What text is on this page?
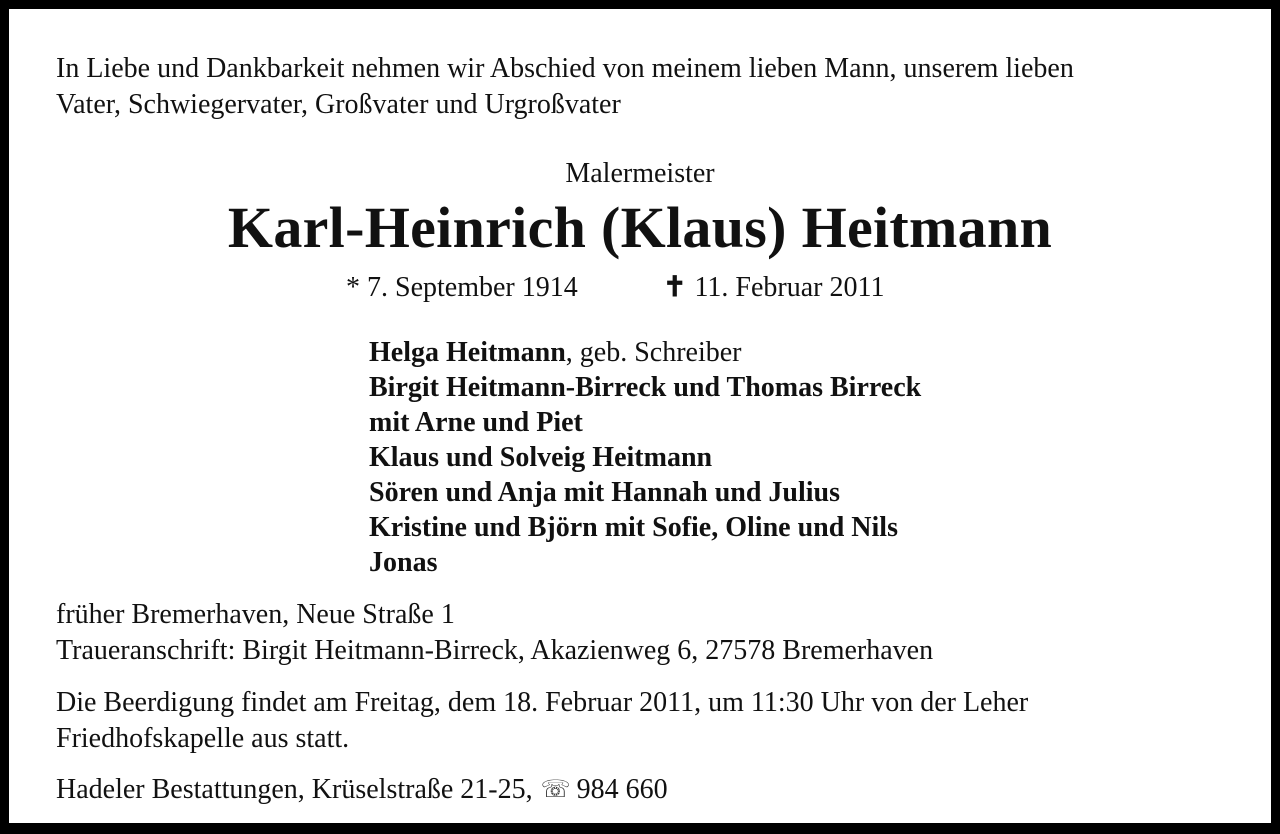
In Liebe und Dankbarkeit nehmen wir Abschied von meinem lieben Mann, unserem lieben
Vater, Schwiegervater, Großvater und Urgroßvater
Malermeister
Karl-Heinrich (Klaus) Heitmann
* 7. September 1914	✝ 11. Februar 2011
Helga Heitmann, geb. Schreiber
Birgit Heitmann-Birreck und Thomas Birreck
mit Arne und Piet
Klaus und Solveig Heitmann
Sören und Anja mit Hannah und Julius
Kristine und Björn mit Sofie, Oline und Nils
Jonas
früher Bremerhaven, Neue Straße 1
Traueranschrift: Birgit Heitmann-Birreck, Akazienweg 6, 27578 Bremerhaven
Die Beerdigung findet am Freitag, dem 18. Februar 2011, um 11:30 Uhr von der Leher
Friedhofskapelle aus statt.
Hadeler Bestattungen, Krüselstraße 21-25, ☏ 984 660
